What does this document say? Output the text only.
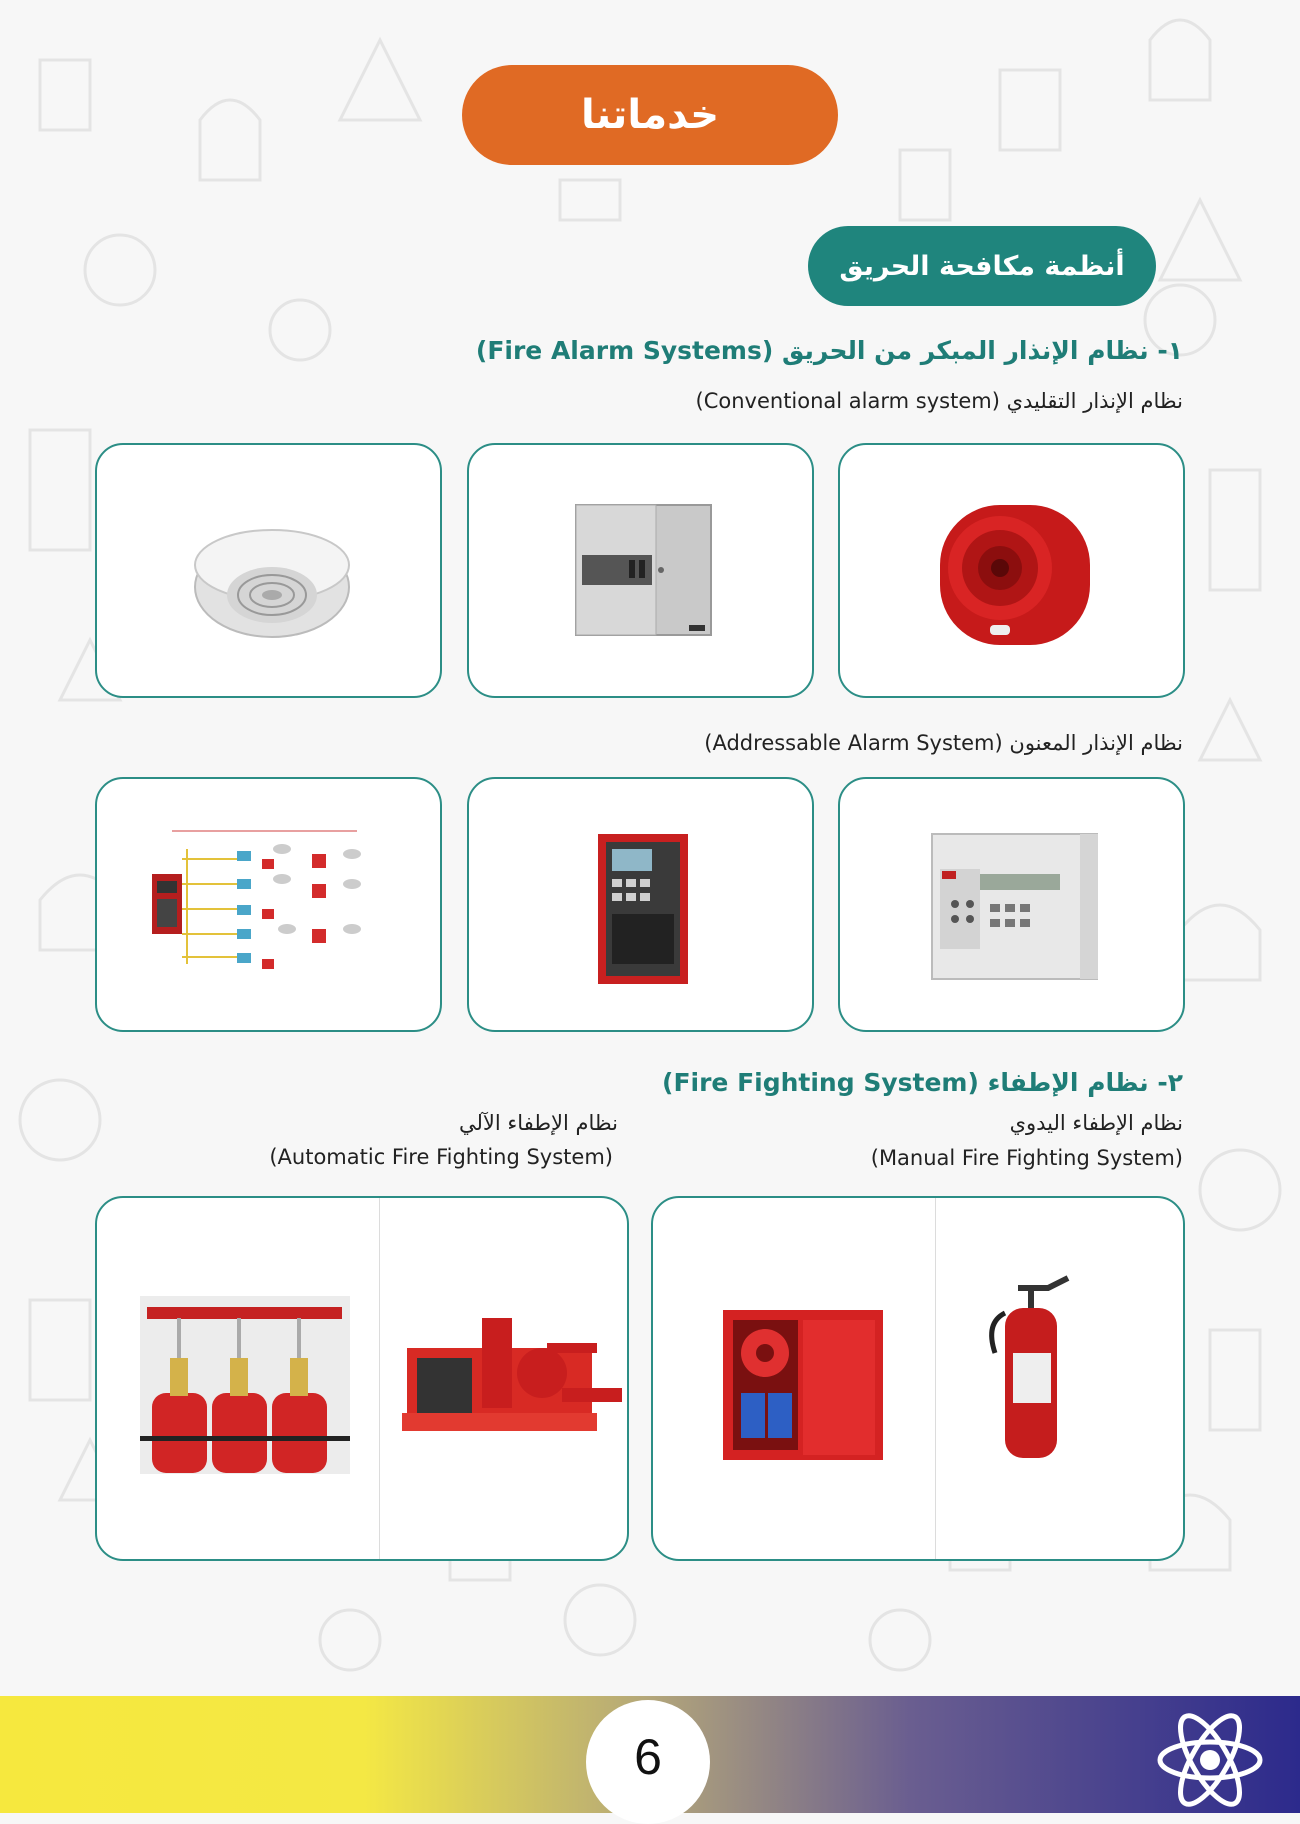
خدماتنا
أنظمة مكافحة الحريق
١- نظام الإنذار المبكر من الحريق (Fire Alarm Systems)
نظام الإنذار التقليدي (Conventional alarm system)
نظام الإنذار المعنون (Addressable Alarm System)
٢- نظام الإطفاء (Fire Fighting System)
نظام الإطفاء اليدوي
(Manual Fire Fighting System)
نظام الإطفاء الآلي
(Automatic Fire Fighting System)
6
